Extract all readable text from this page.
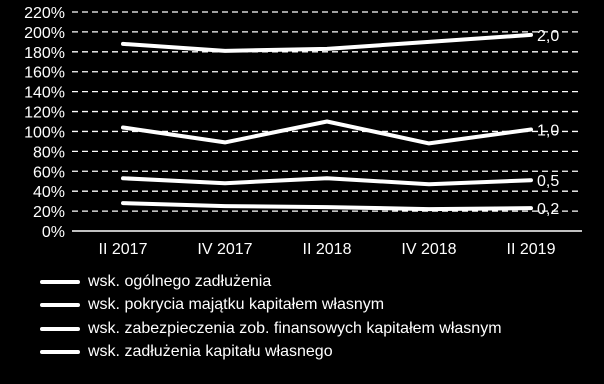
0%
20%
40%
60%
80%
100%
120%
140%
160%
180%
200%
220%
II 2017	IV 2017	II 2018	IV 2018	II 2019
2,0
1,0
0,5
0,2
wsk. ogólnego zadłużenia
wsk. pokrycia majątku kapitałem własnym
wsk. zabezpieczenia zob. finansowych kapitałem własnym
wsk. zadłużenia kapitału własnego
